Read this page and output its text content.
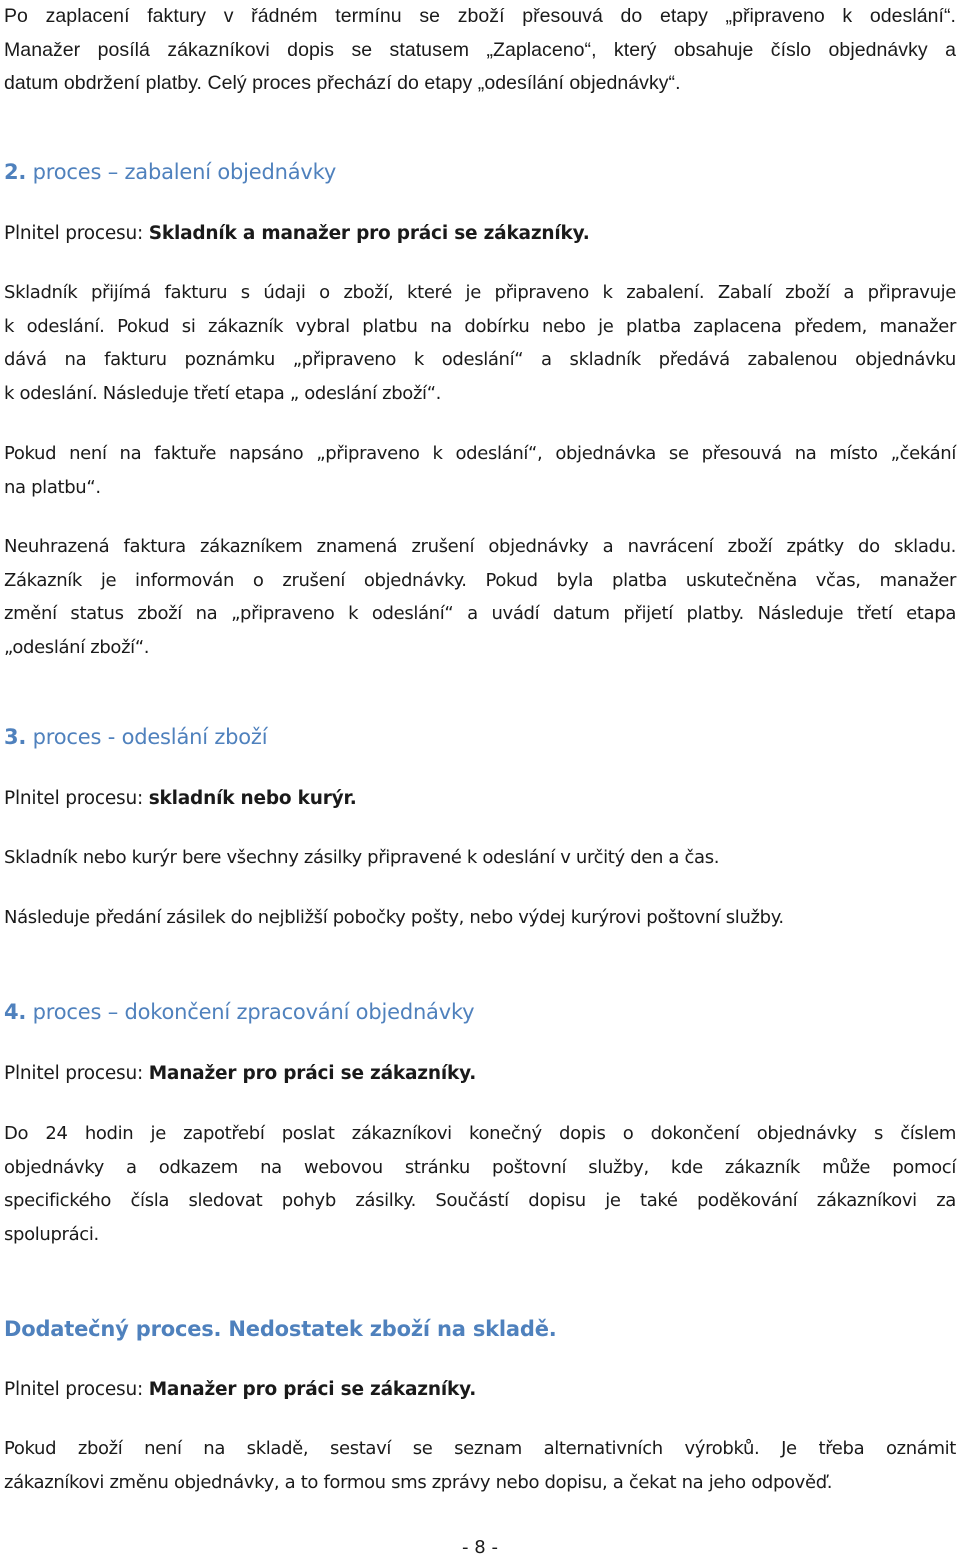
Po zaplacení faktury v řádném termínu se zboží přesouvá do etapy „připraveno k odeslání“.
Manažer posílá zákazníkovi dopis se statusem „Zaplaceno“, který obsahuje číslo objednávky a
datum obdržení platby. Celý proces přechází do etapy „odesílání objednávky“.
2. proces – zabalení objednávky

Plnitel procesu: Skladník a manažer pro práci se zákazníky.

Skladník přijímá fakturu s údaji o zboží, které je připraveno k zabalení. Zabalí zboží a připravuje
k odeslání. Pokud si zákazník vybral platbu na dobírku nebo je platba zaplacena předem, manažer
dává na fakturu poznámku „připraveno k odeslání“ a skladník předává zabalenou objednávku
k odeslání. Následuje třetí etapa „ odeslání zboží“.
Pokud není na faktuře napsáno „připraveno k odeslání“, objednávka se přesouvá na místo „čekání
na platbu“.
Neuhrazená faktura zákazníkem znamená zrušení objednávky a navrácení zboží zpátky do skladu.
Zákazník je informován o zrušení objednávky. Pokud byla platba uskutečněna včas, manažer
změní status zboží na „připraveno k odeslání“ a uvádí datum přijetí platby. Následuje třetí etapa
„odeslání zboží“.
3. proces - odeslání zboží

Plnitel procesu: skladník nebo kurýr.

Skladník nebo kurýr bere všechny zásilky připravené k odeslání v určitý den a čas.

Následuje předání zásilek do nejbližší pobočky pošty, nebo výdej kurýrovi poštovní služby.

4. proces – dokončení zpracování objednávky

Plnitel procesu: Manažer pro práci se zákazníky.

Do 24 hodin je zapotřebí poslat zákazníkovi konečný dopis o dokončení objednávky s číslem
objednávky a odkazem na webovou stránku poštovní služby, kde zákazník může pomocí
specifického čísla sledovat pohyb zásilky. Součástí dopisu je také poděkování zákazníkovi za
spolupráci.
Dodatečný proces. Nedostatek zboží na skladě.

Plnitel procesu: Manažer pro práci se zákazníky.

Pokud zboží není na skladě, sestaví se seznam alternativních výrobků. Je třeba oznámit
zákazníkovi změnu objednávky, a to formou sms zprávy nebo dopisu, a čekat na jeho odpověď.
- 8 -
